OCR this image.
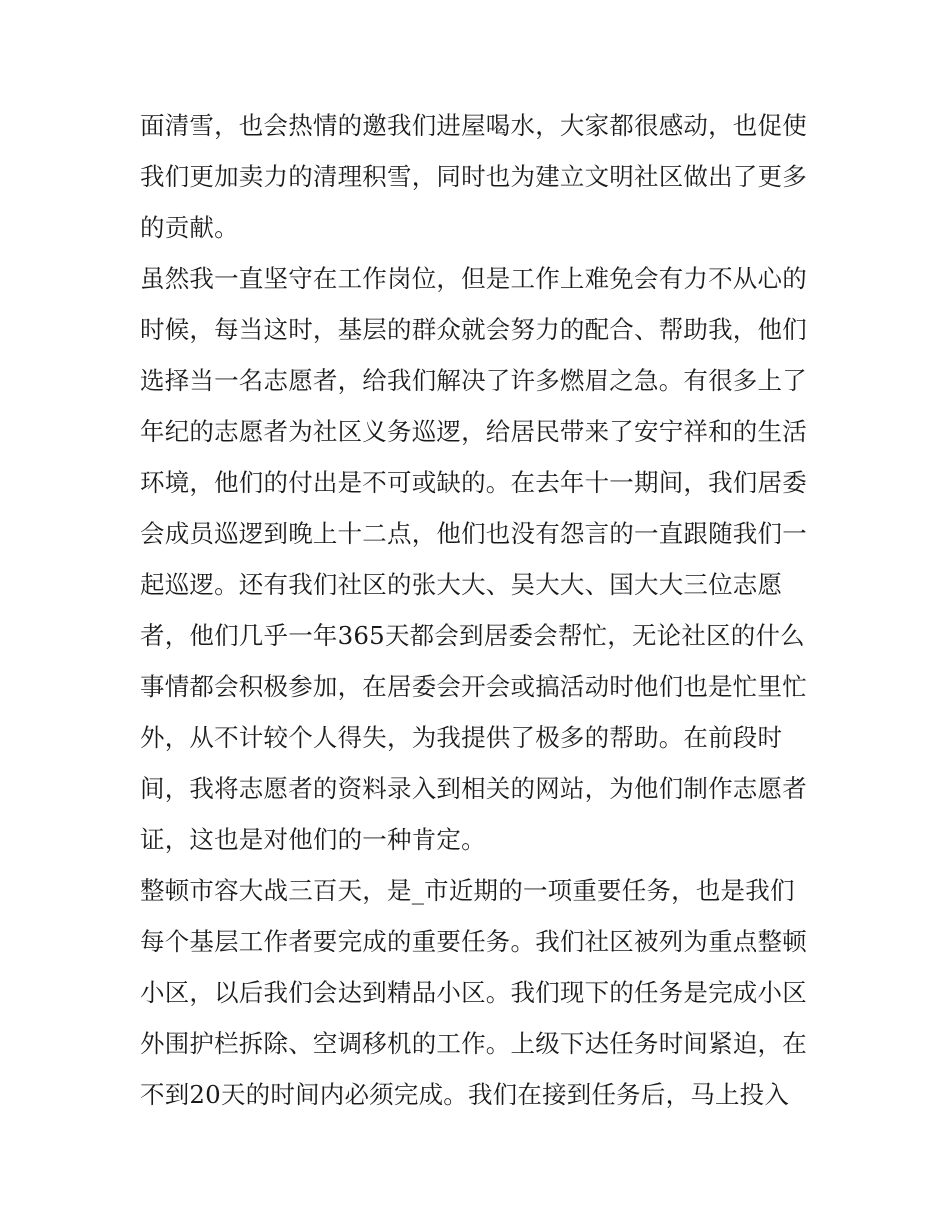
面清雪，也会热情的邀我们进屋喝水，大家都很感动，也促使
我们更加卖力的清理积雪，同时也为建立文明社区做出了更多
的贡献。
虽然我一直坚守在工作岗位，但是工作上难免会有力不从心的
时候，每当这时，基层的群众就会努力的配合、帮助我，他们
选择当一名志愿者，给我们解决了许多燃眉之急。有很多上了
年纪的志愿者为社区义务巡逻，给居民带来了安宁祥和的生活
环境，他们的付出是不可或缺的。在去年十一期间，我们居委
会成员巡逻到晚上十二点，他们也没有怨言的一直跟随我们一
起巡逻。还有我们社区的张大大、吴大大、国大大三位志愿
者，他们几乎一年365天都会到居委会帮忙，无论社区的什么
事情都会积极参加，在居委会开会或搞活动时他们也是忙里忙
外，从不计较个人得失，为我提供了极多的帮助。在前段时
间，我将志愿者的资料录入到相关的网站，为他们制作志愿者
证，这也是对他们的一种肯定。
整顿市容大战三百天，是_市近期的一项重要任务，也是我们
每个基层工作者要完成的重要任务。我们社区被列为重点整顿
小区，以后我们会达到精品小区。我们现下的任务是完成小区
外围护栏拆除、空调移机的工作。上级下达任务时间紧迫，在
不到20天的时间内必须完成。我们在接到任务后，马上投入
